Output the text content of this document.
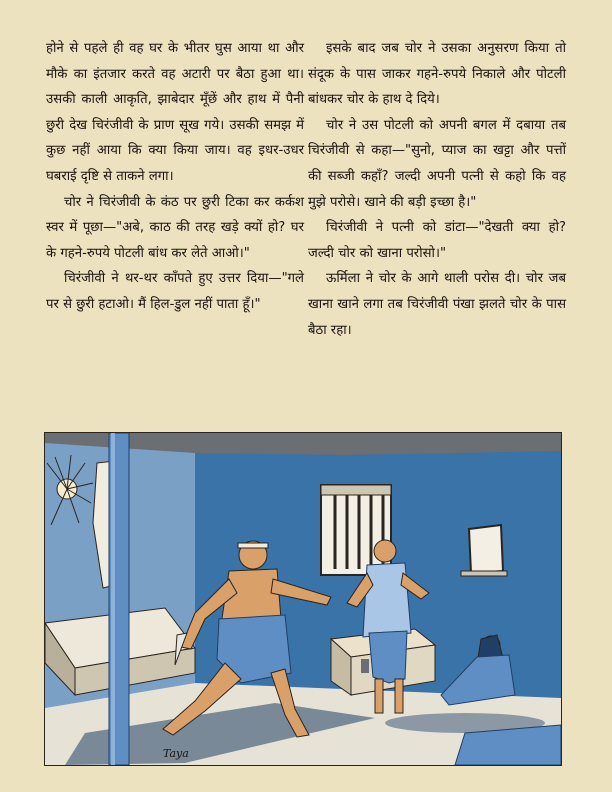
होने से पहले ही वह घर के भीतर घुस आया था और मौके का इंतजार करते वह अटारी पर बैठा हुआ था। उसकी काली आकृति, झाबेदार मूँछें और हाथ में पैनी छुरी देख चिरंजीवी के प्राण सूख गये। उसकी समझ में कुछ नहीं आया कि क्या किया जाय। वह इधर-उधर घबराई दृष्टि से ताकने लगा।

चोर ने चिरंजीवी के कंठ पर छुरी टिका कर कर्कश स्वर में पूछा—"अबे, काठ की तरह खड़े क्यों हो? घर के गहने-रुपये पोटली बांध कर लेते आओ।"

चिरंजीवी ने थर-थर काँपते हुए उत्तर दिया—"गले पर से छुरी हटाओ। मैं हिल-डुल नहीं पाता हूँ।"

इसके बाद जब चोर ने उसका अनुसरण किया तो संदूक के पास जाकर गहने-रुपये निकाले और पोटली बांधकर चोर के हाथ दे दिये।

चोर ने उस पोटली को अपनी बगल में दबाया तब चिरंजीवी से कहा—"सुनो, प्याज का खट्टा और पत्तों की सब्जी कहाँ? जल्दी अपनी पत्नी से कहो कि वह मुझे परोसे। खाने की बड़ी इच्छा है।"

चिरंजीवी ने पत्नी को डांटा—"देखती क्या हो? जल्दी चोर को खाना परोसो।"

ऊर्मिला ने चोर के आगे थाली परोस दी। चोर जब खाना खाने लगा तब चिरंजीवी पंखा झलते चोर के पास बैठा रहा।

Taya
